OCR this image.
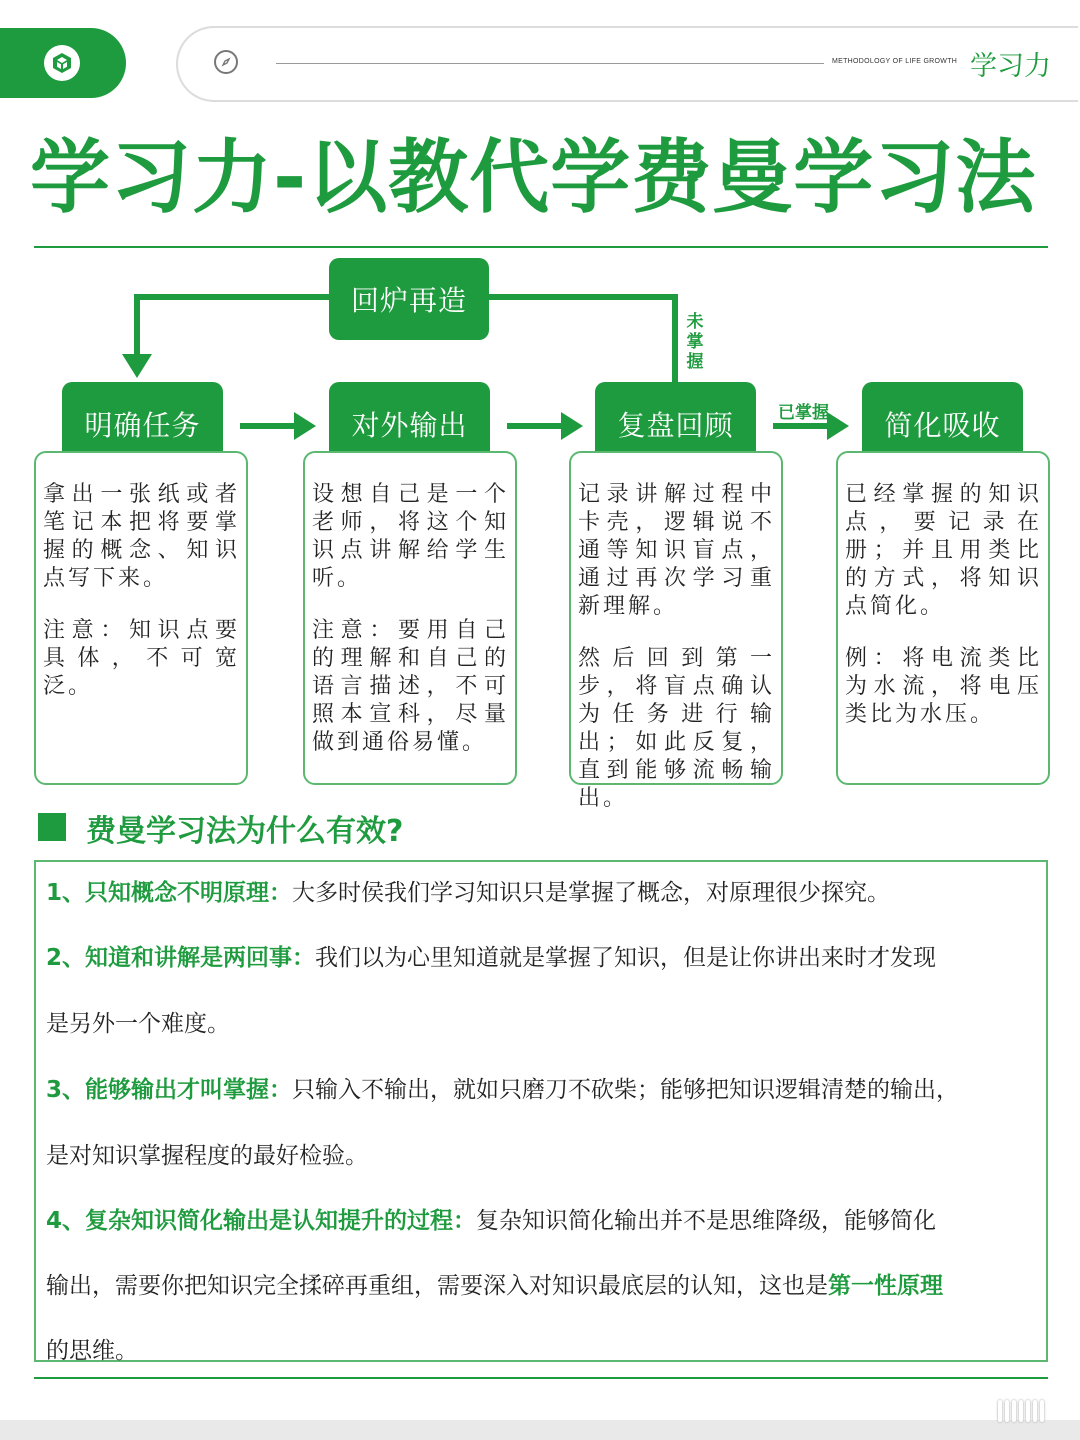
METHODOLOGY OF LIFE GROWTH 学习力
学习力-以教代学费曼学习法
回炉再造
未掌握
明确任务	对外输出	复盘回顾	简化吸收
已掌握

拿出一张纸或者笔记本把将要掌握的概念、知识点写下来。

注意：知识点要具体，不可宽泛。

设想自己是一个老师，将这个知识点讲解给学生听。

注意：要用自己的理解和自己的语言描述，不可照本宣科，尽量做到通俗易懂。

记录讲解过程中卡壳，逻辑说不通等知识盲点，通过再次学习重新理解。

然后回到第一步，将盲点确认为任务进行输出；如此反复，直到能够流畅输出。

已经掌握的知识点，要记录在册；并且用类比的方式，将知识点简化。

例：将电流类比为水流，将电压类比为水压。

费曼学习法为什么有效?
1、只知概念不明原理：大多时侯我们学习知识只是掌握了概念，对原理很少探究。
2、知道和讲解是两回事：我们以为心里知道就是掌握了知识，但是让你讲出来时才发现
是另外一个难度。
3、能够输出才叫掌握：只输入不输出，就如只磨刀不砍柴；能够把知识逻辑清楚的输出，
是对知识掌握程度的最好检验。
4、复杂知识简化输出是认知提升的过程：复杂知识简化输出并不是思维降级，能够简化
输出，需要你把知识完全揉碎再重组，需要深入对知识最底层的认知，这也是第一性原理
的思维。
